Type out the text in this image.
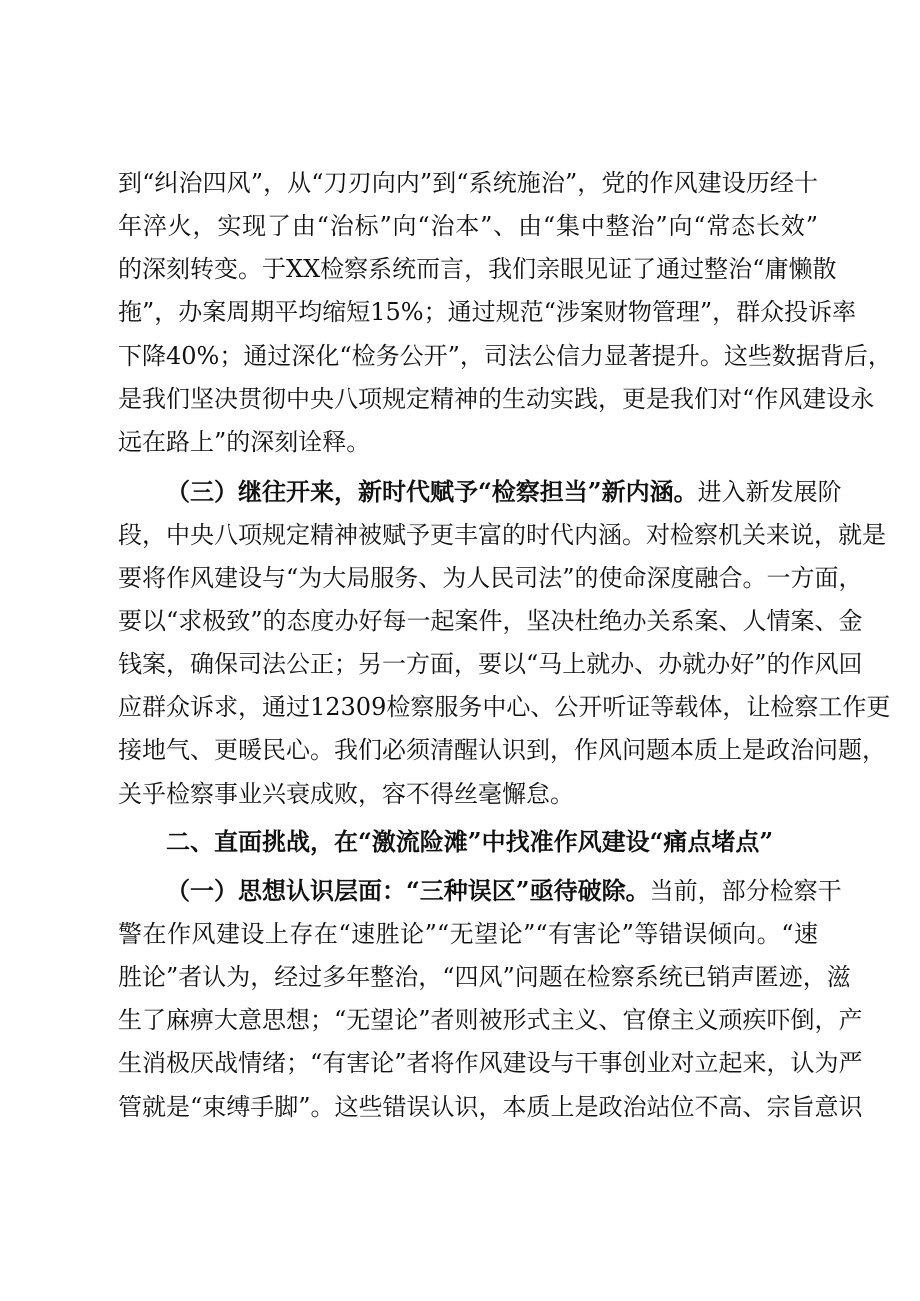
到“纠治四风”，从“刀刃向内”到“系统施治”，党的作风建设历经十
年淬火，实现了由“治标”向“治本”、由“集中整治”向“常态长效”
的深刻转变。于XX检察系统而言，我们亲眼见证了通过整治“庸懒散
拖”，办案周期平均缩短15%；通过规范“涉案财物管理”，群众投诉率
下降40%；通过深化“检务公开”，司法公信力显著提升。这些数据背后，
是我们坚决贯彻中央八项规定精神的生动实践，更是我们对“作风建设永
远在路上”的深刻诠释。
（三）继往开来，新时代赋予“检察担当”新内涵。进入新发展阶
段，中央八项规定精神被赋予更丰富的时代内涵。对检察机关来说，就是
要将作风建设与“为大局服务、为人民司法”的使命深度融合。一方面，
要以“求极致”的态度办好每一起案件，坚决杜绝办关系案、人情案、金
钱案，确保司法公正；另一方面，要以“马上就办、办就办好”的作风回
应群众诉求，通过12309检察服务中心、公开听证等载体，让检察工作更
接地气、更暖民心。我们必须清醒认识到，作风问题本质上是政治问题，
关乎检察事业兴衰成败，容不得丝毫懈怠。
二、直面挑战，在“激流险滩”中找准作风建设“痛点堵点”
（一）思想认识层面：“三种误区”亟待破除。当前，部分检察干
警在作风建设上存在“速胜论”“无望论”“有害论”等错误倾向。“速
胜论”者认为，经过多年整治，“四风”问题在检察系统已销声匿迹，滋
生了麻痹大意思想；“无望论”者则被形式主义、官僚主义顽疾吓倒，产
生消极厌战情绪；“有害论”者将作风建设与干事创业对立起来，认为严
管就是“束缚手脚”。这些错误认识，本质上是政治站位不高、宗旨意识
